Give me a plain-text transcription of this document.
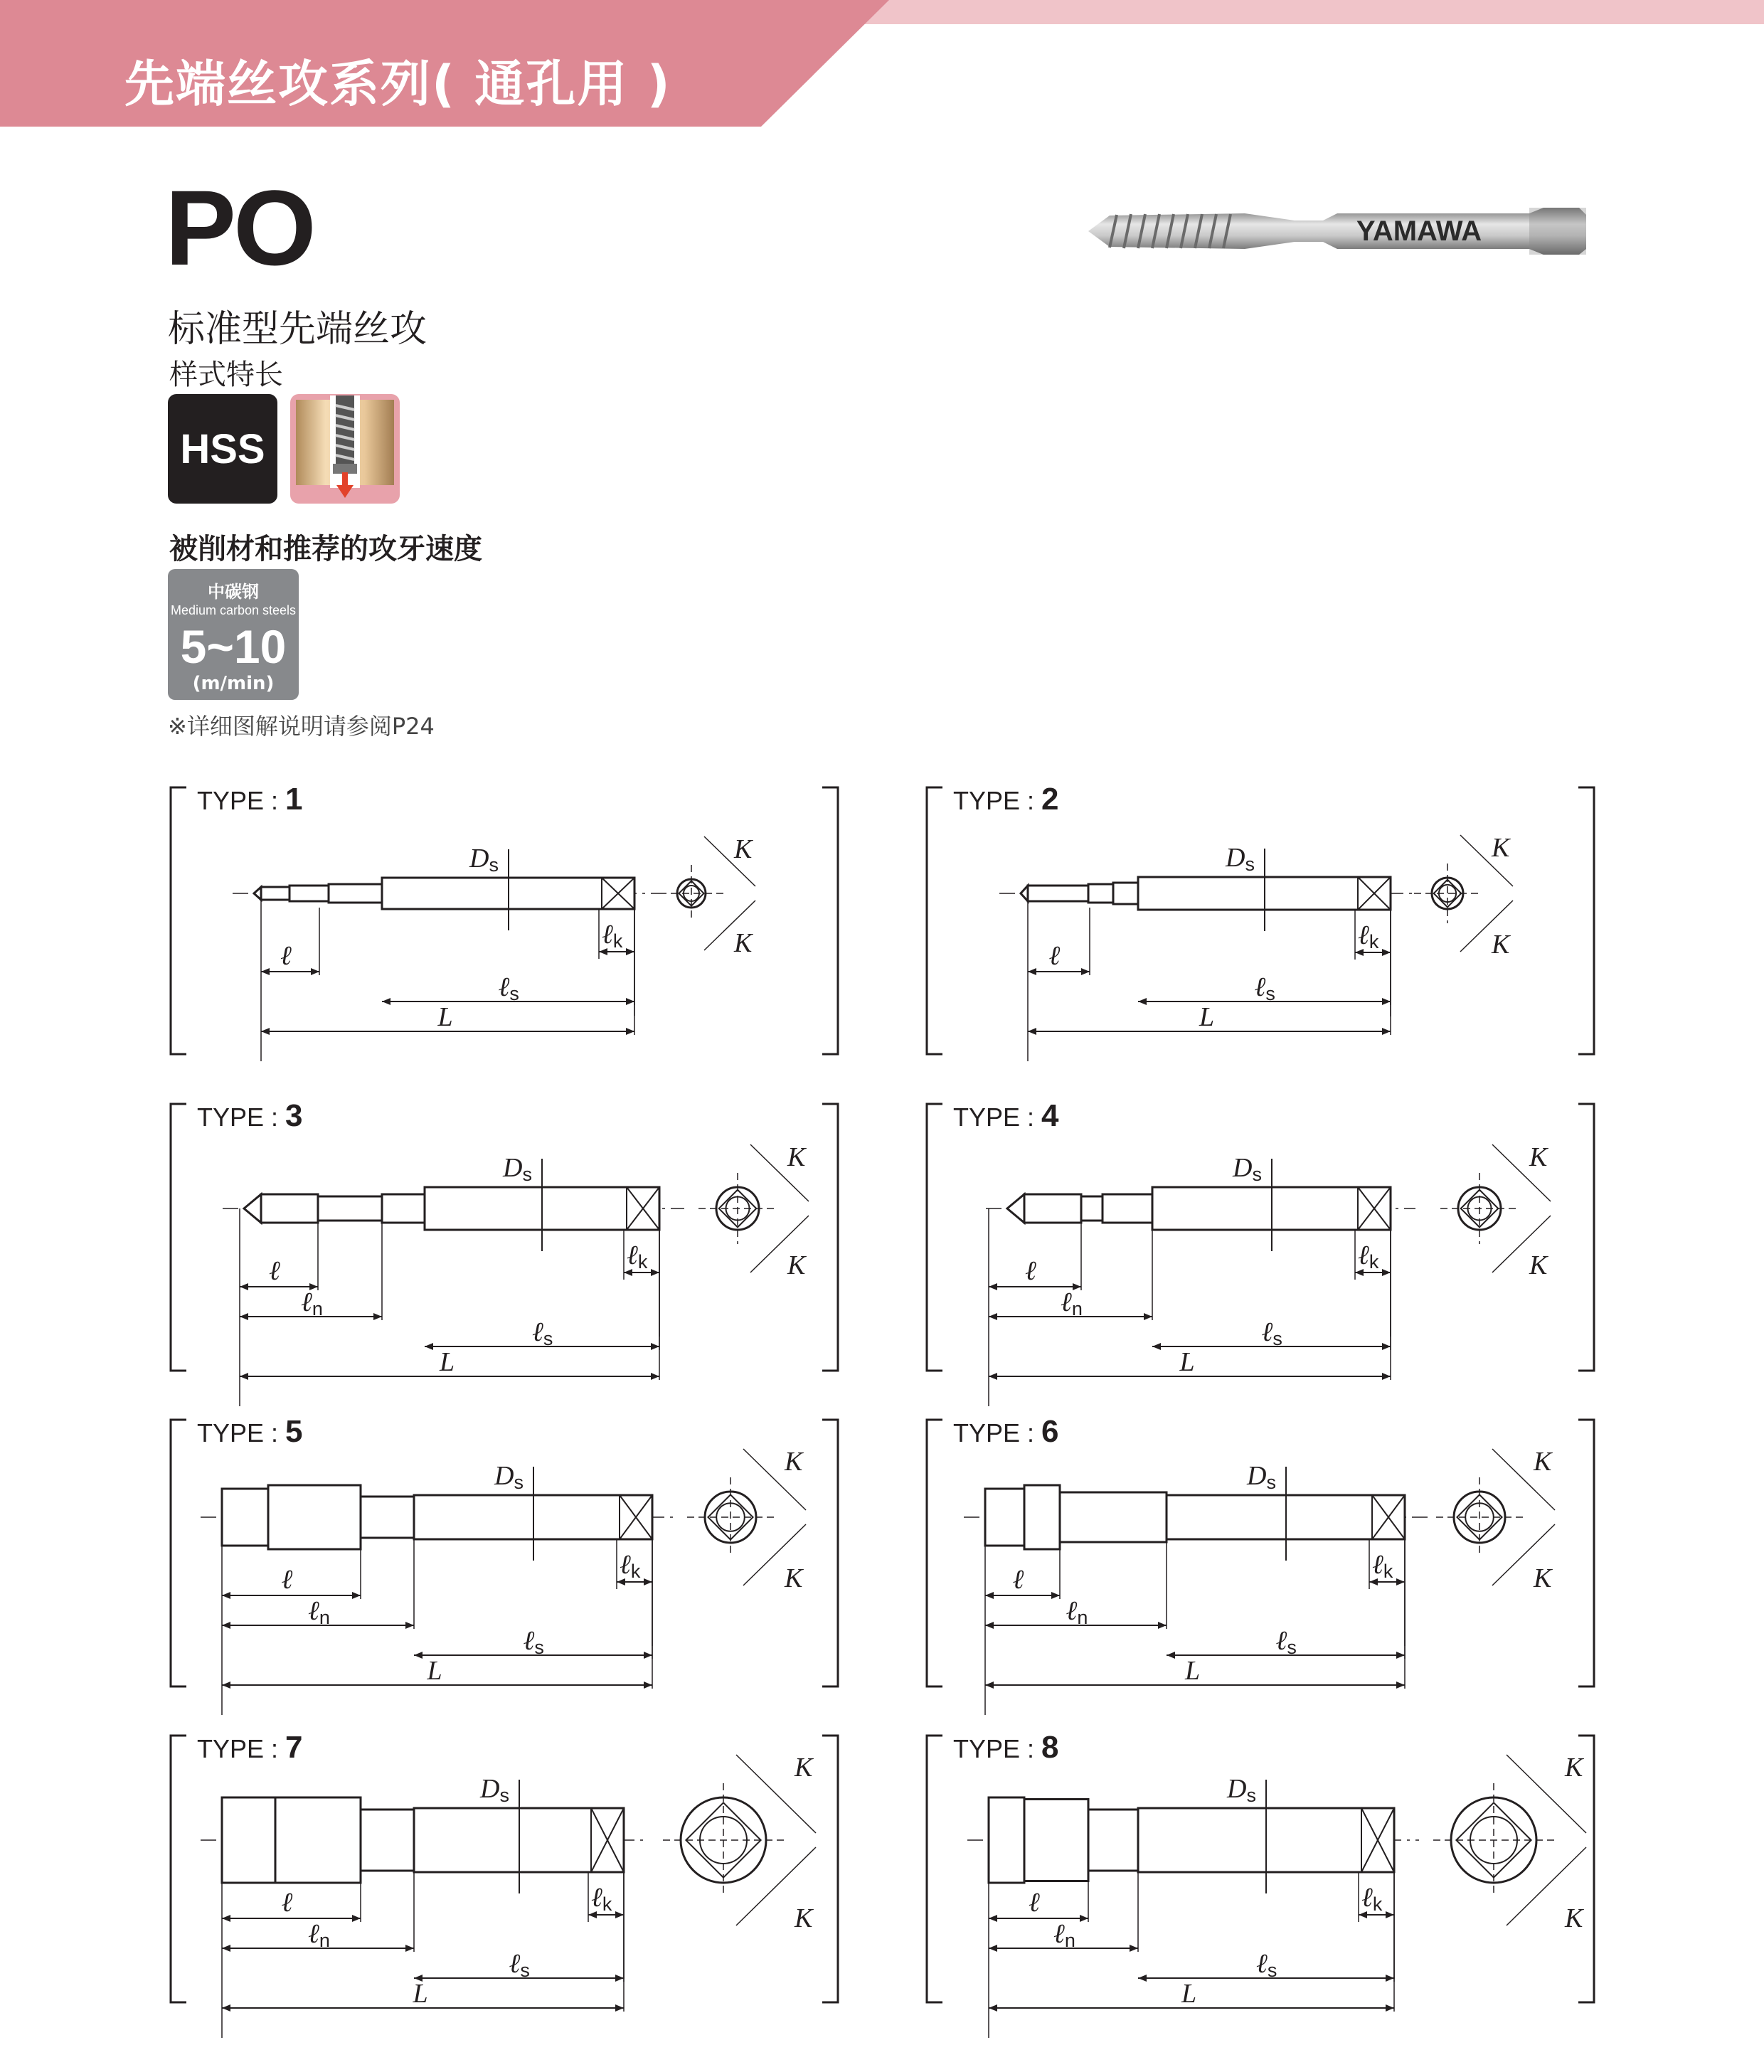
先端丝攻系列( 通孔用 )
PO
标准型先端丝攻
样式特长
HSS
被削材和推荐的攻牙速度
中碳钢
Medium carbon steels
5~10
(m/min)
※详细图解说明请参阅P24
YAMAWA
K
K
Ds
ℓk
ℓ
ℓs
L
TYPE : 1
K
K
Ds
ℓk
ℓ
ℓs
L
TYPE : 2
K
K
Ds
ℓk
ℓ
ℓn
ℓs
L
TYPE : 3
K
K
Ds
ℓk
ℓ
ℓn
ℓs
L
TYPE : 4
K
K
Ds
ℓk
ℓ
ℓn
ℓs
L
TYPE : 5
K
K
Ds
ℓk
ℓ
ℓn
ℓs
L
TYPE : 6
K
K
Ds
ℓk
ℓ
ℓn
ℓs
L
TYPE : 7
K
K
Ds
ℓk
ℓ
ℓn
ℓs
L
TYPE : 8
